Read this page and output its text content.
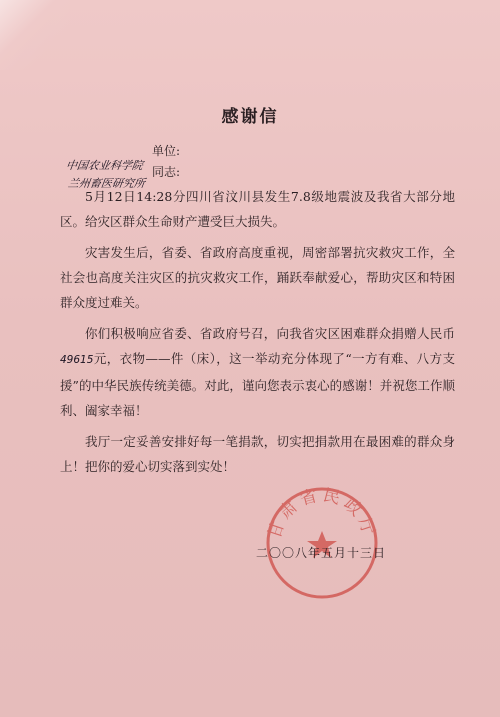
感谢信
中国农业科学院
兰州畜医研究所
单位:
同志:
5月12日14:28分四川省汶川县发生7.8级地震波及我省大部分地区。给灾区群众生命财产遭受巨大损失。
灾害发生后，省委、省政府高度重视，周密部署抗灾救灾工作，全社会也高度关注灾区的抗灾救灾工作，踊跃奉献爱心，帮助灾区和特困群众度过难关。
你们积极响应省委、省政府号召，向我省灾区困难群众捐赠人民币49615元，衣物——件（床），这一举动充分体现了“一方有难、八方支援”的中华民族传统美德。对此，谨向您表示衷心的感谢！并祝您工作顺利、阖家幸福！
我厅一定妥善安排好每一笔捐款，切实把捐款用在最困难的群众身上！把你的爱心切实落到实处！
甘肃省民政厅
二〇〇八年五月十三日
